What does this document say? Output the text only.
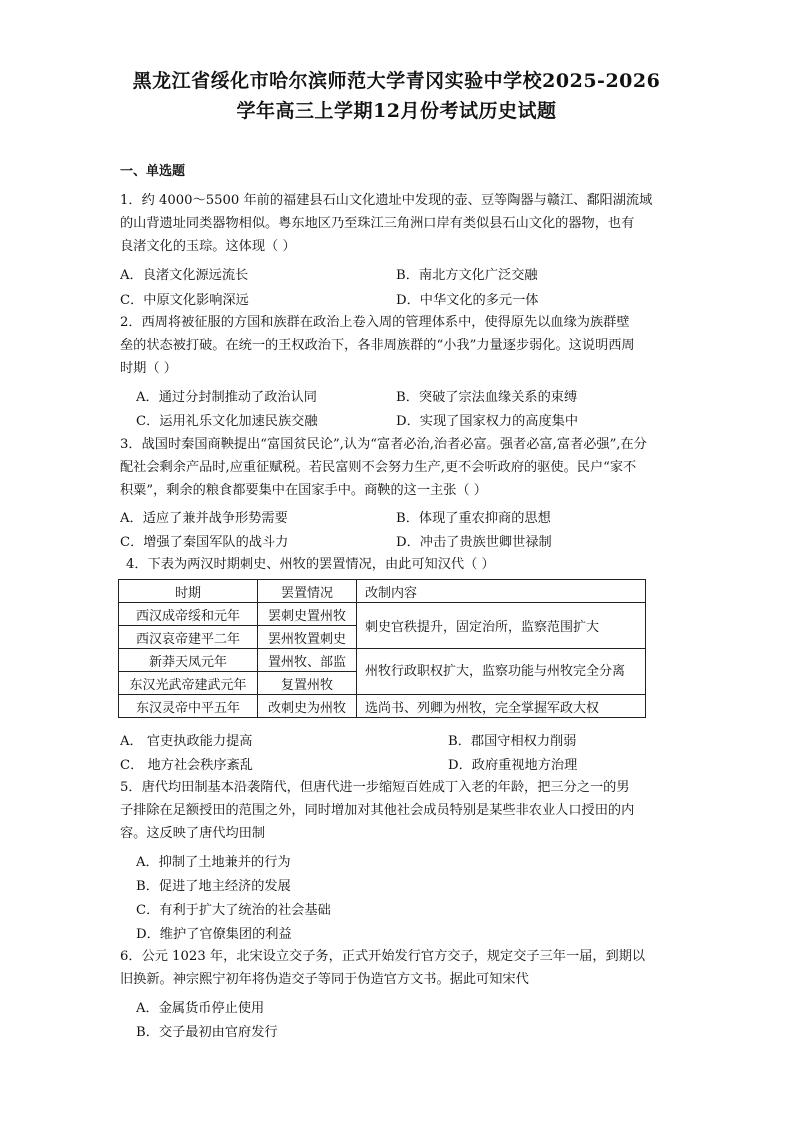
黑龙江省绥化市哈尔滨师范大学青冈实验中学校2025-2026
学年高三上学期12月份考试历史试题
一、单选题
1．约 4000～5500 年前的福建县石山文化遗址中发现的壶、豆等陶器与赣江、鄱阳湖流域
的山背遗址同类器物相似。粤东地区乃至珠江三角洲口岸有类似县石山文化的器物，也有
良渚文化的玉琮。这体现（ ）
A．良渚文化源远流长	B．南北方文化广泛交融
C．中原文化影响深远	D．中华文化的多元一体
2．西周将被征服的方国和族群在政治上卷入周的管理体系中，使得原先以血缘为族群壁
垒的状态被打破。在统一的王权政治下，各非周族群的“小我”力量逐步弱化。这说明西周
时期（ ）
A．通过分封制推动了政治认同	B．突破了宗法血缘关系的束缚
C．运用礼乐文化加速民族交融	D．实现了国家权力的高度集中
3．战国时秦国商鞅提出“富国贫民论”,认为“富者必治,治者必富。强者必富,富者必强”,在分
配社会剩余产品时,应重征赋税。若民富则不会努力生产,更不会听政府的驱使。民户“家不
积粟”，剩余的粮食都要集中在国家手中。商鞅的这一主张（ ）
A．适应了兼并战争形势需要	B．体现了重农抑商的思想
C．增强了秦国军队的战斗力	D．冲击了贵族世卿世禄制
4．下表为两汉时期刺史、州牧的罢置情况，由此可知汉代（ ）
时期	罢置情况	改制内容
西汉成帝绥和元年	罢刺史置州牧	刺史官秩提升，固定治所，监察范围扩大
西汉哀帝建平二年	罢州牧置刺史	
新莽天凤元年	置州牧、部监	州牧行政职权扩大，监察功能与州牧完全分离
东汉光武帝建武元年	复置州牧	
东汉灵帝中平五年	改刺史为州牧	选尚书、列卿为州牧，完全掌握军政大权
A． 官吏执政能力提高	B．郡国守相权力削弱
C． 地方社会秩序紊乱	D．政府重视地方治理
5．唐代均田制基本沿袭隋代，但唐代进一步缩短百姓成丁入老的年龄，把三分之一的男
子排除在足额授田的范围之外，同时增加对其他社会成员特别是某些非农业人口授田的内
容。这反映了唐代均田制
A．抑制了土地兼并的行为
B．促进了地主经济的发展
C．有利于扩大了统治的社会基础
D．维护了官僚集团的利益
6．公元 1023 年，北宋设立交子务，正式开始发行官方交子，规定交子三年一届，到期以
旧换新。神宗熙宁初年将伪造交子等同于伪造官方文书。据此可知宋代
A．金属货币停止使用
B．交子最初由官府发行
